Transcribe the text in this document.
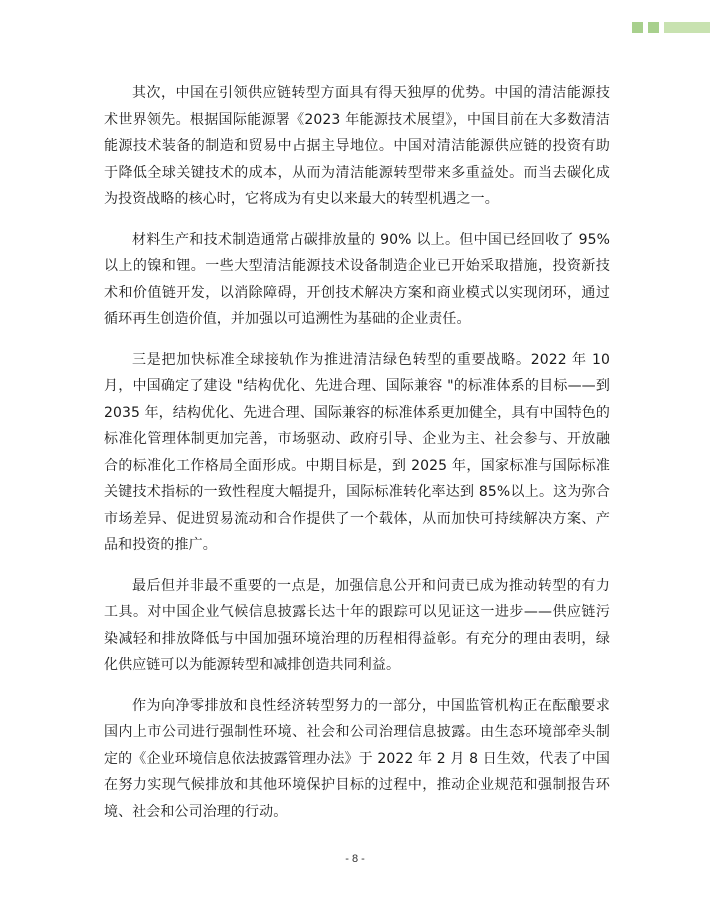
其次，中国在引领供应链转型方面具有得天独厚的优势。中国的清洁能源技术世界领先。根据国际能源署《2023 年能源技术展望》，中国目前在大多数清洁能源技术装备的制造和贸易中占据主导地位。中国对清洁能源供应链的投资有助于降低全球关键技术的成本，从而为清洁能源转型带来多重益处。而当去碳化成为投资战略的核心时，它将成为有史以来最大的转型机遇之一。

材料生产和技术制造通常占碳排放量的 90% 以上。但中国已经回收了 95% 以上的镍和锂。一些大型清洁能源技术设备制造企业已开始采取措施，投资新技术和价值链开发，以消除障碍，开创技术解决方案和商业模式以实现闭环，通过循环再生创造价值，并加强以可追溯性为基础的企业责任。

三是把加快标准全球接轨作为推进清洁绿色转型的重要战略。2022 年 10 月，中国确定了建设 "结构优化、先进合理、国际兼容 "的标准体系的目标——到 2035 年，结构优化、先进合理、国际兼容的标准体系更加健全，具有中国特色的标准化管理体制更加完善，市场驱动、政府引导、企业为主、社会参与、开放融合的标准化工作格局全面形成。中期目标是，到 2025 年，国家标准与国际标准关键技术指标的一致性程度大幅提升，国际标准转化率达到 85%以上。这为弥合市场差异、促进贸易流动和合作提供了一个载体，从而加快可持续解决方案、产品和投资的推广。

最后但并非最不重要的一点是，加强信息公开和问责已成为推动转型的有力工具。对中国企业气候信息披露长达十年的跟踪可以见证这一进步——供应链污染减轻和排放降低与中国加强环境治理的历程相得益彰。有充分的理由表明，绿化供应链可以为能源转型和减排创造共同利益。

作为向净零排放和良性经济转型努力的一部分，中国监管机构正在酝酿要求国内上市公司进行强制性环境、社会和公司治理信息披露。由生态环境部牵头制定的《企业环境信息依法披露管理办法》于 2022 年 2 月 8 日生效，代表了中国在努力实现气候排放和其他环境保护目标的过程中，推动企业规范和强制报告环境、社会和公司治理的行动。

- 8 -
